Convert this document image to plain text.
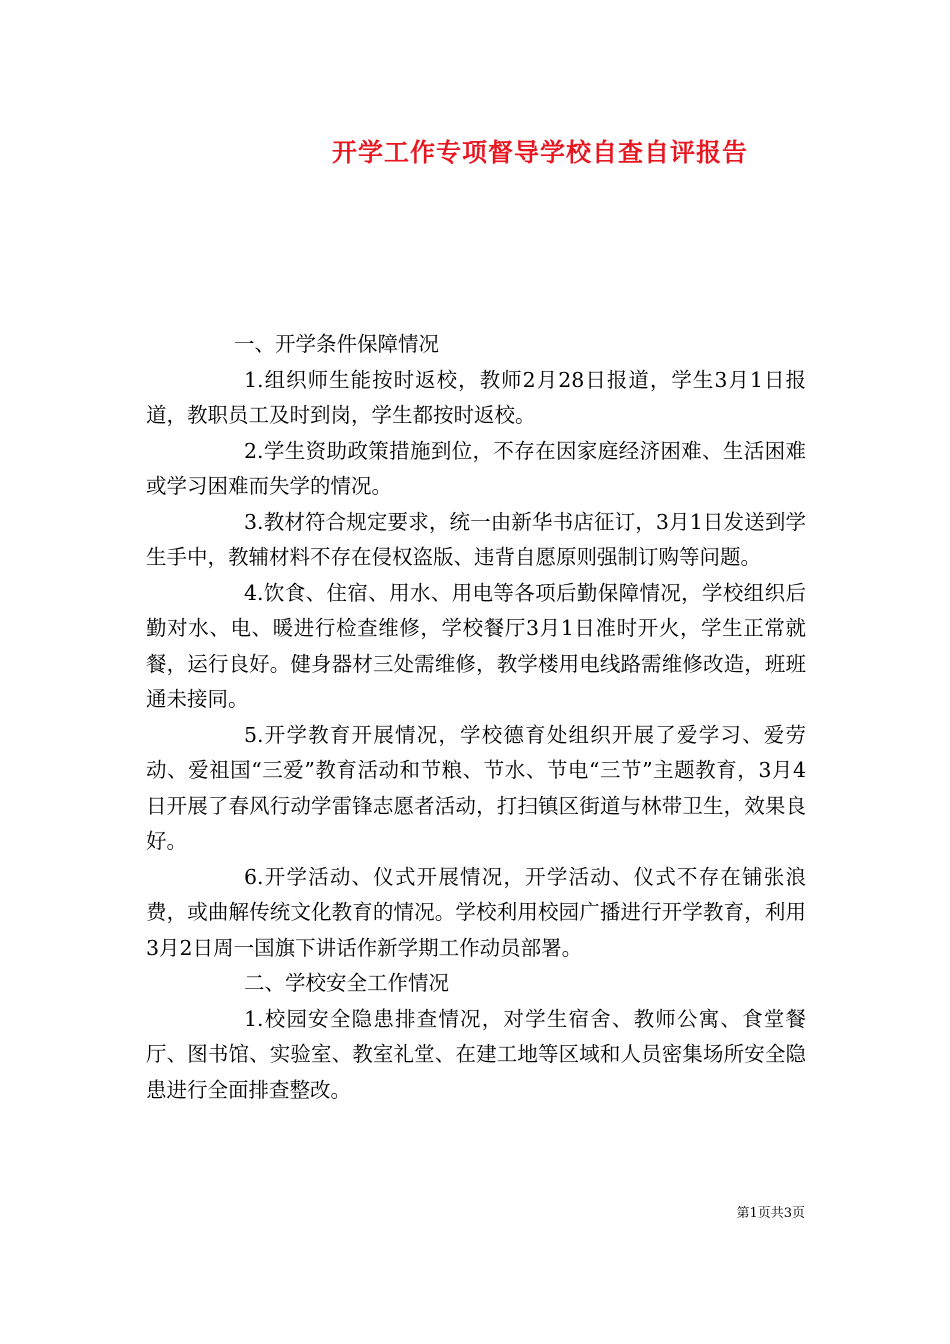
开学工作专项督导学校自查自评报告

一、开学条件保障情况

1.组织师生能按时返校，教师2月28日报道，学生3月1日报道，教职员工及时到岗，学生都按时返校。

2.学生资助政策措施到位，不存在因家庭经济困难、生活困难或学习困难而失学的情况。

3.教材符合规定要求，统一由新华书店征订，3月1日发送到学生手中，教辅材料不存在侵权盗版、违背自愿原则强制订购等问题。

4.饮食、住宿、用水、用电等各项后勤保障情况，学校组织后勤对水、电、暖进行检查维修，学校餐厅3月1日准时开火，学生正常就餐，运行良好。健身器材三处需维修，教学楼用电线路需维修改造，班班通未接同。

5.开学教育开展情况，学校德育处组织开展了爱学习、爱劳动、爱祖国“三爱”教育活动和节粮、节水、节电“三节”主题教育，3月4日开展了春风行动学雷锋志愿者活动，打扫镇区街道与林带卫生，效果良好。

6.开学活动、仪式开展情况，开学活动、仪式不存在铺张浪费，或曲解传统文化教育的情况。学校利用校园广播进行开学教育，利用3月2日周一国旗下讲话作新学期工作动员部署。

二、学校安全工作情况

1.校园安全隐患排查情况，对学生宿舍、教师公寓、食堂餐厅、图书馆、实验室、教室礼堂、在建工地等区域和人员密集场所安全隐患进行全面排查整改。

第1页共3页
